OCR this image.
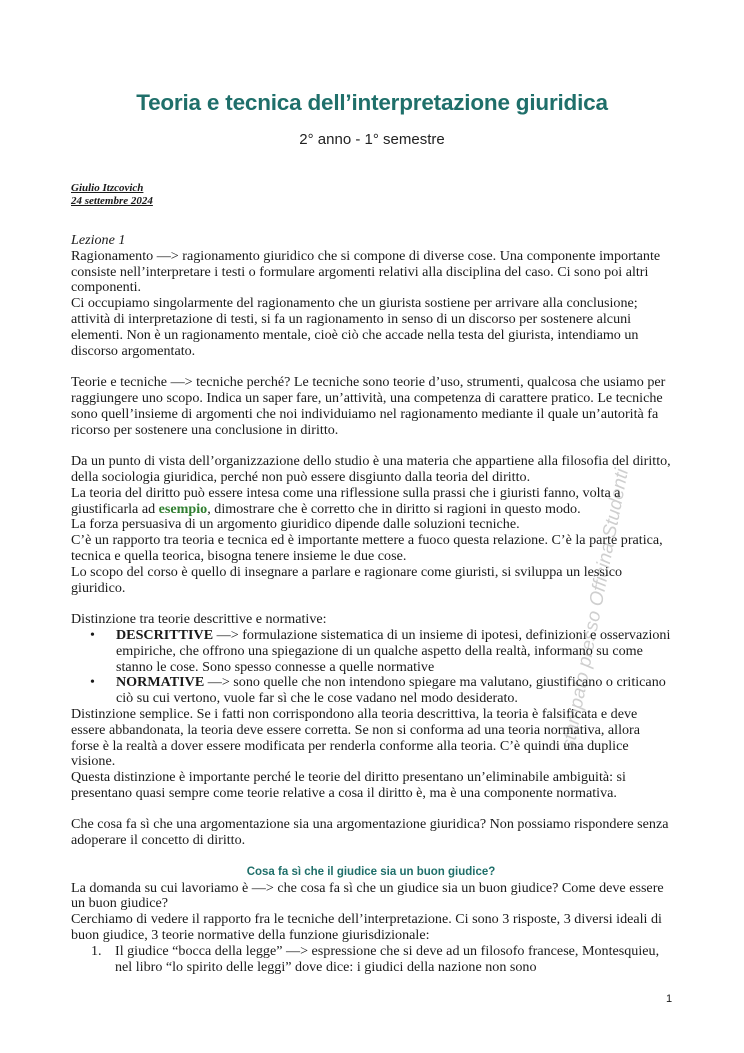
Teoria e tecnica dell’interpretazione giuridica
2° anno - 1° semestre
Giulio Itzcovich
24 settembre 2024
stampato presso Officina Studenti

Lezione 1

Ragionamento —> ragionamento giuridico che si compone di diverse cose. Una componente importante consiste nell’interpretare i testi o formulare argomenti relativi alla disciplina del caso. Ci sono poi altri componenti.

Ci occupiamo singolarmente del ragionamento che un giurista sostiene per arrivare alla conclusione; attività di interpretazione di testi, si fa un ragionamento in senso di un discorso per sostenere alcuni elementi. Non è un ragionamento mentale, cioè ciò che accade nella testa del giurista, intendiamo un discorso argomentato.

Teorie e tecniche —> tecniche perché? Le tecniche sono teorie d’uso, strumenti, qualcosa che usiamo per raggiungere uno scopo. Indica un saper fare, un’attività, una competenza di carattere pratico. Le tecniche sono quell’insieme di argomenti che noi individuiamo nel ragionamento mediante il quale un’autorità fa ricorso per sostenere una conclusione in diritto.

Da un punto di vista dell’organizzazione dello studio è una materia che appartiene alla filosofia del diritto, della sociologia giuridica, perché non può essere disgiunto dalla teoria del diritto.

La teoria del diritto può essere intesa come una riflessione sulla prassi che i giuristi fanno, volta a giustificarla ad esempio, dimostrare che è corretto che in diritto si ragioni in questo modo.

La forza persuasiva di un argomento giuridico dipende dalle soluzioni tecniche.

C’è un rapporto tra teoria e tecnica ed è importante mettere a fuoco questa relazione. C’è la parte pratica, tecnica e quella teorica, bisogna tenere insieme le due cose.

Lo scopo del corso è quello di insegnare a parlare e ragionare come giuristi, si sviluppa un lessico giuridico.

Distinzione tra teorie descrittive e normative:

• DESCRITTIVE —> formulazione sistematica di un insieme di ipotesi, definizioni e osservazioni empiriche, che offrono una spiegazione di un qualche aspetto della realtà, informano su come stanno le cose. Sono spesso connesse a quelle normative
• NORMATIVE —> sono quelle che non intendono spiegare ma valutano, giustificano o criticano ciò su cui vertono, vuole far sì che le cose vadano nel modo desiderato.

Distinzione semplice. Se i fatti non corrispondono alla teoria descrittiva, la teoria è falsificata e deve essere abbandonata, la teoria deve essere corretta. Se non si conforma ad una teoria normativa, allora forse è la realtà a dover essere modificata per renderla conforme alla teoria. C’è quindi una duplice visione.

Questa distinzione è importante perché le teorie del diritto presentano un’eliminabile ambiguità: si presentano quasi sempre come teorie relative a cosa il diritto è, ma è una componente normativa.

Che cosa fa sì che una argomentazione sia una argomentazione giuridica? Non possiamo rispondere senza adoperare il concetto di diritto.

Cosa fa sì che il giudice sia un buon giudice?

La domanda su cui lavoriamo è —> che cosa fa sì che un giudice sia un buon giudice? Come deve essere un buon giudice?

Cerchiamo di vedere il rapporto fra le tecniche dell’interpretazione. Ci sono 3 risposte, 3 diversi ideali di buon giudice, 3 teorie normative della funzione giurisdizionale:

1. Il giudice “bocca della legge” —> espressione che si deve ad un filosofo francese, Montesquieu, nel libro “lo spirito delle leggi” dove dice: i giudici della nazione non sono
1
